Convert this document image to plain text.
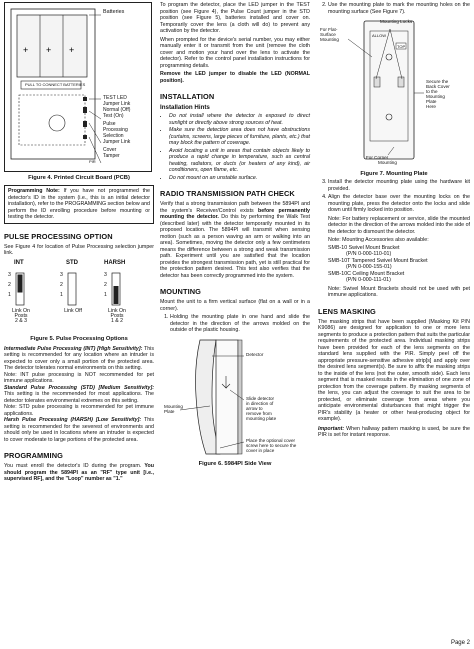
+ + +
Batteries
PULL TO CONNECT BATTERIES
TEST LED
Jumper Link
Normal (Off)
Test (On)
Pulse
Processing
Selection
Jumper Link
Cover
Tamper
PIR
Figure 4. Printed Circuit Board (PCB)

Programming Note: If you have not programmed the detector's ID in the system (i.e., this is an initial detector installation), refer to the PROGRAMMING section below and perform the ID enrolling procedure before mounting or testing the detector.

PULSE PROCESSING OPTION

See Figure 4 for location of Pulse Processing selection jumper link.

INT	STD	HARSH
3
2
1
3
2
1
3
2
1
Link On
Posts
2 & 3
Link Off	Link On
Posts
1 & 2
Figure 5. Pulse Processing Options

Intermediate Pulse Processing (INT) [High Sensitivity]: This setting is recommended for any location where an intruder is expected to cover only a small portion of the protected area. The detector tolerates normal environments on this setting.

Note: INT pulse processing is NOT recommended for pet immune applications.

Standard Pulse Processing (STD) [Medium Sensitivity]: This setting is the recommended for most applications. The detector tolerates environmental extremes on this setting.

Note: STD pulse processing is recommended for pet immune applications.

Harsh Pulse Processing (HARSH) [Low Sensitivity]: This setting is recommended for the severest of environments and should only be used in locations where an intruder is expected to cover moderate to large portions of the protected area.

PROGRAMMING

You must enroll the detector's ID during the program. You should program the 5894PI as an "RF" type unit [i.e., supervised RF], and the "Loop" number as "1."

To program the detector, place the LED jumper in the TEST position (see Figure 4), the Pulse Count jumper in the STD position (see Figure 5), batteries installed and cover on. Temporarily cover the lens (a cloth will do) to prevent any activation by the detector.

When prompted for the device's serial number, you may either manually enter it or transmit from the unit (remove the cloth cover and motion your hand over the lens to activate the detector). Refer to the control panel installation instructions for programming details.

Remove the LED jumper to disable the LED (NORMAL position).

INSTALLATION
Installation Hints
• Do not install where the detector is exposed to direct sunlight or directly above strong sources of heat.
• Make sure the detection area does not have obstructions (curtains, screens, large pieces of furniture, plants, etc.) that may block the pattern of coverage.
• Avoid locating a unit in areas that contain objects likely to produce a rapid change in temperature, such as central heating, radiators, or ducts (or heaters of any kind), air conditioners, open flame, etc.
• Do not mount on an unstable surface.
RADIO TRANSMISSION PATH CHECK

Verify that a strong transmission path between the 5894PI and the system's Receiver/Control exists before permanently mounting the detector. Do this by performing the Walk Test (described later) with the detector temporarily mounted in its proposed location. The 5894PI will transmit when sensing motion (such as a person waving an arm or walking into an area). Sometimes, moving the detector only a few centimeters means the difference between a strong and weak transmission path. Experiment until you are satisfied that the location provides the strongest transmission path, yet is still practical for the protection pattern desired. This test also verifies that the detector has been correctly programmed into the system.

MOUNTING

Mount the unit to a firm vertical surface (flat on a wall or in a corner).

1. Holding the mounting plate in one hand and slide the detector in the direction of the arrows molded on the outside of the plastic housing.
Detector
Mounting
Plate
Slide detector
in direction of
arrow to
remove from
mounting plate
Place the optional cover
screw here to secure the
cover in place
Figure 6. 5984PI Side View
2. Use the mounting plate to mark the mounting holes on the mounting surface (See Figure 7).
For Flat-
Surface
Mounting
Mounting Locks
ALLOW
TOP
Secure the
Back Cover
to the
Mounting
Plate
Here
For Corner
Mounting
Figure 7. Mounting Plate
3. Install the detector mounting plate using the hardware kit provided.
4. Align the detector base over the mounting locks on the mounting plate, press the detector onto the locks and slide down until firmly locked into position.

Note: For battery replacement or service, slide the mounted detector in the direction of the arrows molded into the side of the detector to dismount the detector.

Note: Mounting Accessories also available:

SMB-10 Swivel Mount Bracket

(P/N 0-000-110-01)

SMB-10T Tampered Swivel Mount Bracket

(P/N 0-000-155-01)

SMB-10C Ceiling Mount Bracket

(P/N 0-000-111-01)

Note: Swivel Mount Brackets should not be used with pet immune applications.

LENS MASKING

The masking strips that have been supplied (Masking Kit P/N K9086) are designed for application to one or more lens segments to produce a protection pattern that suits the particular requirements of the protected area. Individual masking strips have been provided for each of the lens segments on the standard lens supplied with the PIR. Simply peel off the appropriate pressure-sensitive adhesive strip[s] and apply over the desired lens segment(s). Be sure to affix the masking strips to the inside of the lens (not the outer, smooth side). Each lens segment that is masked results in the elimination of one zone of protection from the coverage pattern. By masking segments of the lens, you can adjust the coverage to suit the area to be protected, or eliminate coverage from areas where you anticipate environmental disturbances that might trigger the PIR's stability (a heater or other heat-producing object for example).

Important: When hallway pattern masking is used, be sure the PIR is set for instant response.

Page 2
